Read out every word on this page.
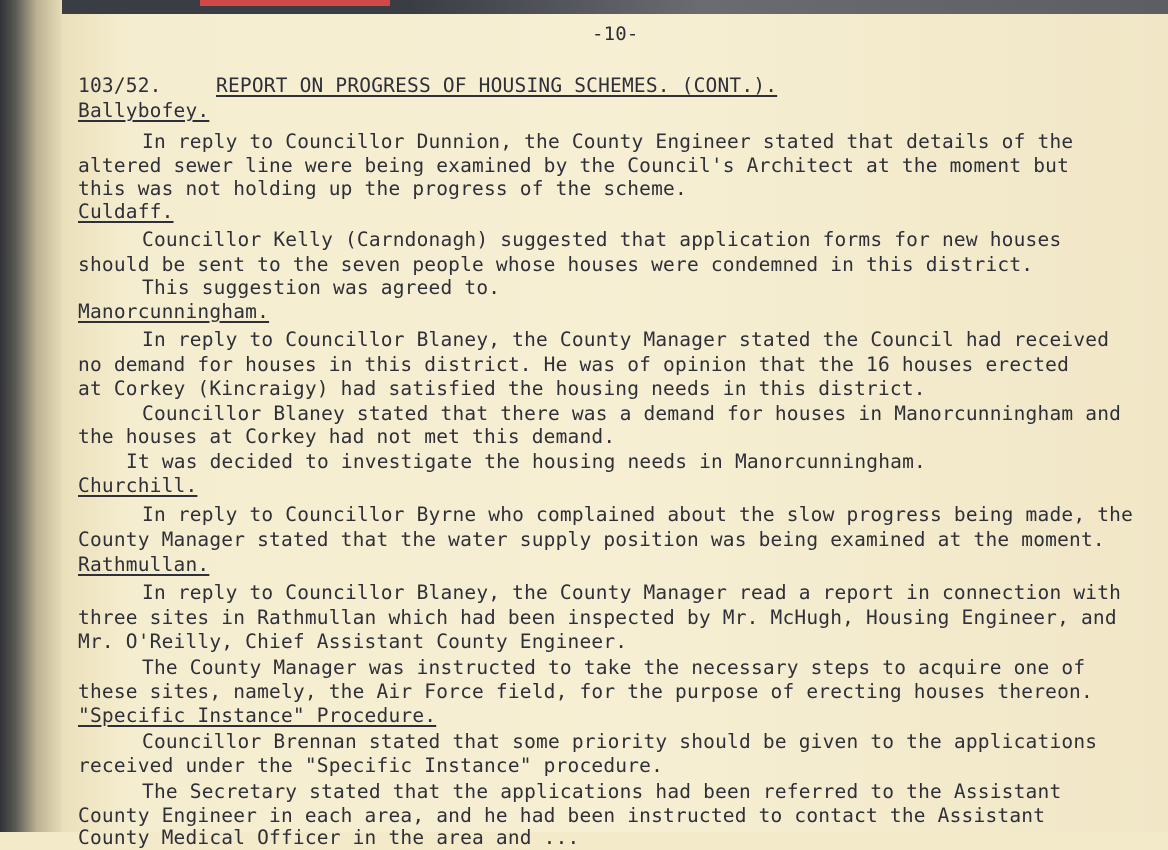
-10-
103/52.	REPORT ON PROGRESS OF HOUSING SCHEMES. (CONT.).
Ballybofey.
In reply to Councillor Dunnion, the County Engineer stated that details of the
altered sewer line were being examined by the Council's Architect at the moment but
this was not holding up the progress of the scheme.
Culdaff.
Councillor Kelly (Carndonagh) suggested that application forms for new houses
should be sent to the seven people whose houses were condemned in this district.
This suggestion was agreed to.
Manorcunningham.
In reply to Councillor Blaney, the County Manager stated the Council had received
no demand for houses in this district. He was of opinion that the 16 houses erected
at Corkey (Kincraigy) had satisfied the housing needs in this district.
Councillor Blaney stated that there was a demand for houses in Manorcunningham and
the houses at Corkey had not met this demand.
It was decided to investigate the housing needs in Manorcunningham.
Churchill.
In reply to Councillor Byrne who complained about the slow progress being made, the
County Manager stated that the water supply position was being examined at the moment.
Rathmullan.
In reply to Councillor Blaney, the County Manager read a report in connection with
three sites in Rathmullan which had been inspected by Mr. McHugh, Housing Engineer, and
Mr. O'Reilly, Chief Assistant County Engineer.
The County Manager was instructed to take the necessary steps to acquire one of
these sites, namely, the Air Force field, for the purpose of erecting houses thereon.
"Specific Instance" Procedure.
Councillor Brennan stated that some priority should be given to the applications
received under the "Specific Instance" procedure.
The Secretary stated that the applications had been referred to the Assistant
County Engineer in each area, and he had been instructed to contact the Assistant
County Medical Officer in the area and ...
